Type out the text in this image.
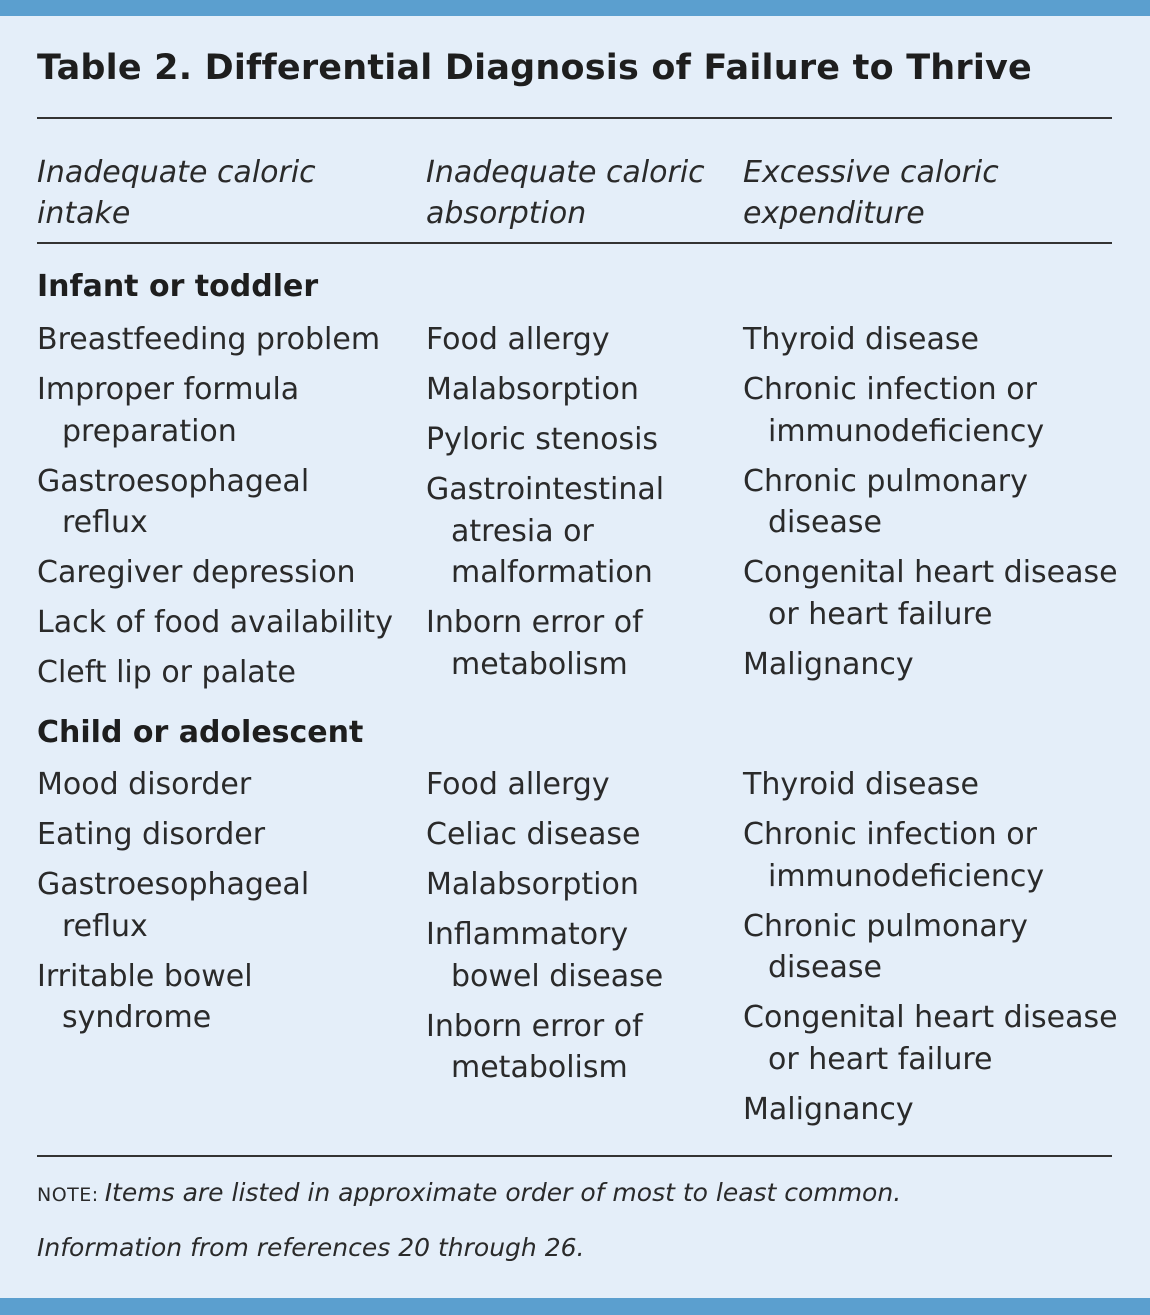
Table 2. Differential Diagnosis of Failure to Thrive
Inadequate caloric intake
Inadequate caloric absorption
Excessive caloric expenditure
Infant or toddler
Breastfeeding problem
Improper formula preparation
Gastroesophageal reflux
Caregiver depression
Lack of food availability
Cleft lip or palate
Food allergy
Malabsorption
Pyloric stenosis
Gastrointestinal atresia or malformation
Inborn error of metabolism
Thyroid disease
Chronic infection or immunodeficiency
Chronic pulmonary disease
Congenital heart disease or heart failure
Malignancy
Child or adolescent
Mood disorder
Eating disorder
Gastroesophageal reflux
Irritable bowel syndrome
Food allergy
Celiac disease
Malabsorption
Inflammatory bowel disease
Inborn error of metabolism
Thyroid disease
Chronic infection or immunodeficiency
Chronic pulmonary disease
Congenital heart disease or heart failure
Malignancy
NOTE: Items are listed in approximate order of most to least common.
Information from references 20 through 26.
